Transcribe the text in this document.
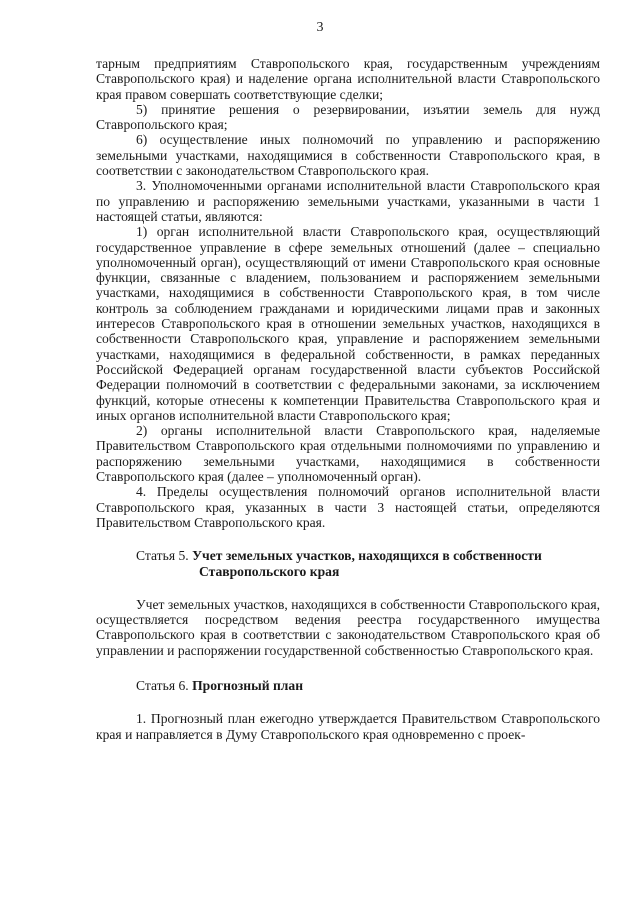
3

тарным предприятиям Ставропольского края, государственным учреждениям Ставропольского края) и наделение органа исполнительной власти Ставропольского края правом совершать соответствующие сделки;

5) принятие решения о резервировании, изъятии земель для нужд Ставропольского края;

6) осуществление иных полномочий по управлению и распоряжению земельными участками, находящимися в собственности Ставропольского края, в соответствии с законодательством Ставропольского края.

3. Уполномоченными органами исполнительной власти Ставропольского края по управлению и распоряжению земельными участками, указанными в части 1 настоящей статьи, являются:

1) орган исполнительной власти Ставропольского края, осуществляющий государственное управление в сфере земельных отношений (далее – специально уполномоченный орган), осуществляющий от имени Ставропольского края основные функции, связанные с владением, пользованием и распоряжением земельными участками, находящимися в собственности Ставропольского края, в том числе контроль за соблюдением гражданами и юридическими лицами прав и законных интересов Ставропольского края в отношении земельных участков, находящихся в собственности Ставропольского края, управление и распоряжением земельными участками, находящимися в федеральной собственности, в рамках переданных Российской Федерацией органам государственной власти субъектов Российской Федерации полномочий в соответствии с федеральными законами, за исключением функций, которые отнесены к компетенции Правительства Ставропольского края и иных органов исполнительной власти Ставропольского края;

2) органы исполнительной власти Ставропольского края, наделяемые Правительством Ставропольского края отдельными полномочиями по управлению и распоряжению земельными участками, находящимися в собственности Ставропольского края (далее – уполномоченный орган).

4. Пределы осуществления полномочий органов исполнительной власти Ставропольского края, указанных в части 3 настоящей статьи, определяются Правительством Ставропольского края.

Статья 5. Учет земельных участков, находящихся в собственности
Ставропольского края

Учет земельных участков, находящихся в собственности Ставропольского края, осуществляется посредством ведения реестра государственного имущества Ставропольского края в соответствии с законодательством Ставропольского края об управлении и распоряжении государственной собственностью Ставропольского края.

Статья 6. Прогнозный план

1. Прогнозный план ежегодно утверждается Правительством Ставропольского края и направляется в Думу Ставропольского края одновременно с проек-
